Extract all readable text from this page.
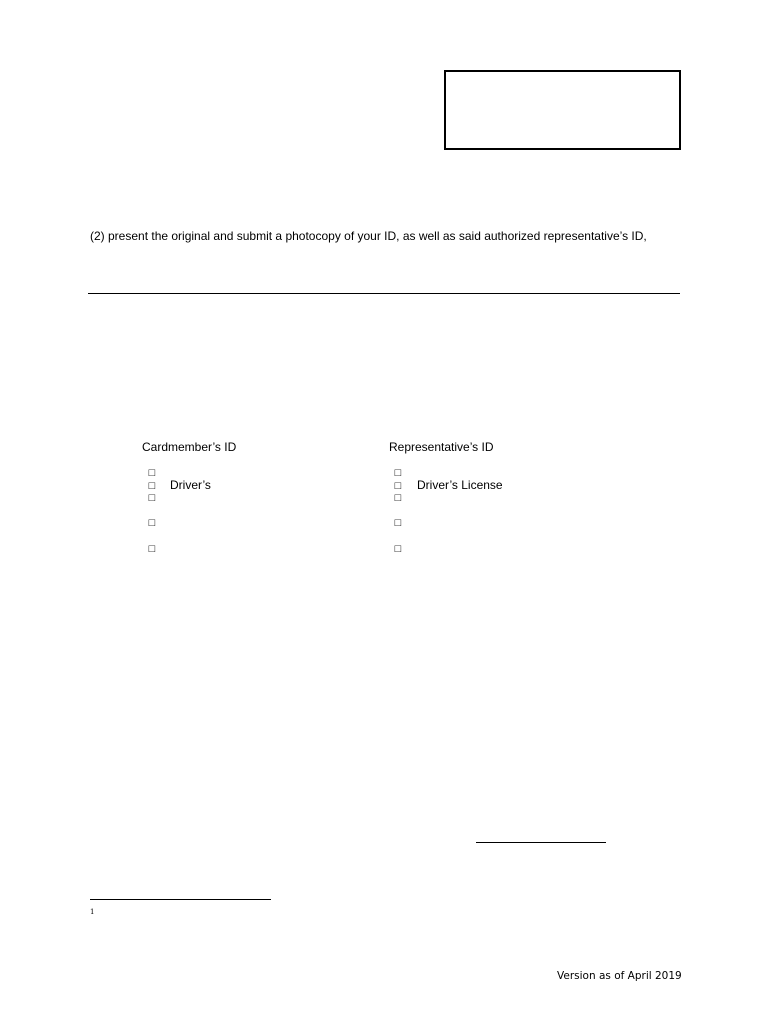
(2) present the original and submit a photocopy of your ID, as well as said authorized representative’s ID,
Cardmember’s ID
□
□ Driver’s
□
□
□
Representative’s ID
□
□ Driver’s License
□
□
□
1
Version as of April 2019
